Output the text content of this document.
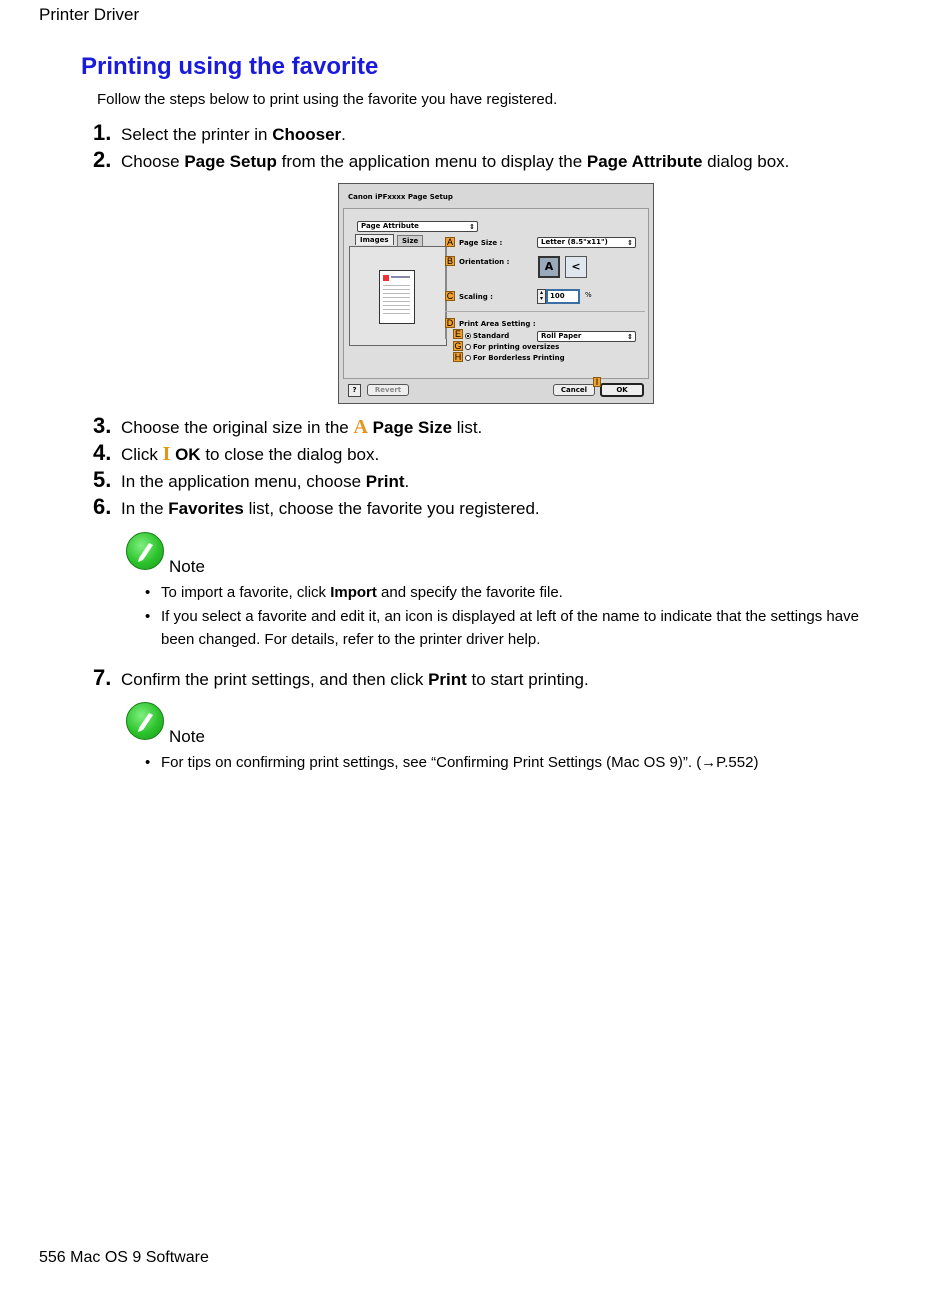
Printer Driver
Printing using the favorite
Follow the steps below to print using the favorite you have registered.
1. Select the printer in Chooser.
2. Choose Page Setup from the application menu to display the Page Attribute dialog box.
Canon iPFxxxx Page Setup
Page Attribute	⇕
Images	Size	A Page Size :	Letter (8.5"x11")	⇕
B Orientation :	A	<
C Scaling :
▴
▾	100	%
D Print Area Setting :
E	Standard	Roll Paper	⇕
G	For printing oversizes
H	For Borderless Printing
?	Revert	Cancel	OK
I
3. Choose the original size in the A Page Size list.
4. Click I OK to close the dialog box.
5. In the application menu, choose Print.
6. In the Favorites list, choose the favorite you registered.
Note
• To import a favorite, click Import and specify the favorite file.
• If you select a favorite and edit it, an icon is displayed at left of the name to indicate that the settings have been changed. For details, refer to the printer driver help.
7. Confirm the print settings, and then click Print to start printing.
Note
• For tips on confirming print settings, see “Confirming Print Settings (Mac OS 9)”. (→P.552)
556 Mac OS 9 Software
